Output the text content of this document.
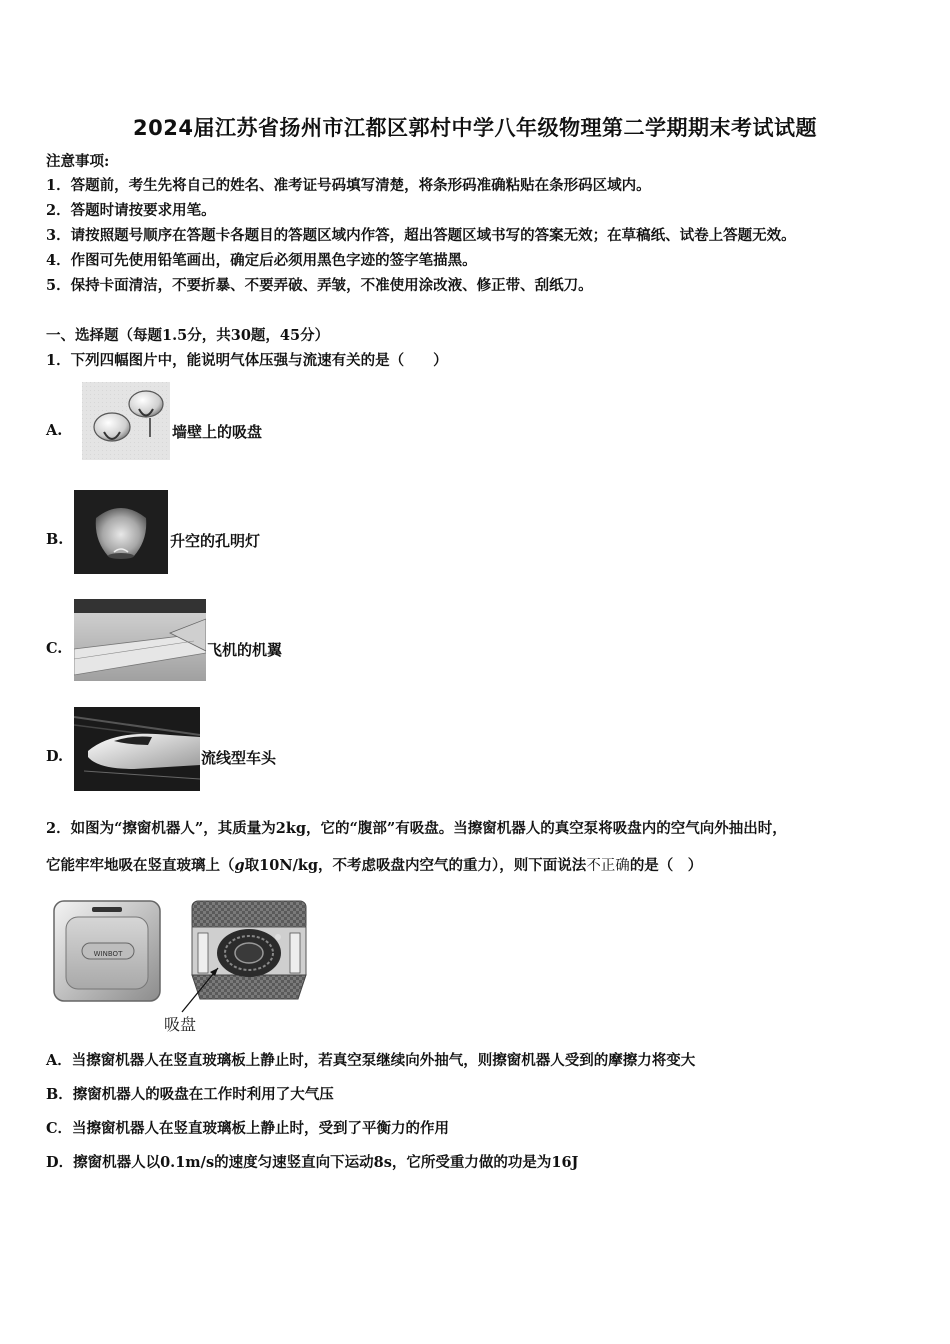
2024届江苏省扬州市江都区郭村中学八年级物理第二学期期末考试试题
注意事项:
1．答题前，考生先将自己的姓名、准考证号码填写清楚，将条形码准确粘贴在条形码区域内。
2．答题时请按要求用笔。
3．请按照题号顺序在答题卡各题目的答题区域内作答，超出答题区域书写的答案无效；在草稿纸、试卷上答题无效。
4．作图可先使用铅笔画出，确定后必须用黑色字迹的签字笔描黑。
5．保持卡面清洁，不要折暴、不要弄破、弄皱，不准使用涂改液、修正带、刮纸刀。
一、选择题（每题1.5分，共30题，45分）
1．下列四幅图片中，能说明气体压强与流速有关的是（　　）
A.	墙壁上的吸盘
B.	升空的孔明灯
C.	飞机的机翼
D.	流线型车头
2．如图为“擦窗机器人”，其质量为2kg，它的“腹部”有吸盘。当擦窗机器人的真空泵将吸盘内的空气向外抽出时，
它能牢牢地吸在竖直玻璃上（g取10N/kg，不考虑吸盘内空气的重力），则下面说法不正确的是（　）
WINBOT
吸盘
A．当擦窗机器人在竖直玻璃板上静止时，若真空泵继续向外抽气，则擦窗机器人受到的摩擦力将变大
B．擦窗机器人的吸盘在工作时利用了大气压
C．当擦窗机器人在竖直玻璃板上静止时，受到了平衡力的作用
D．擦窗机器人以0.1m/s的速度匀速竖直向下运动8s，它所受重力做的功是为16J
